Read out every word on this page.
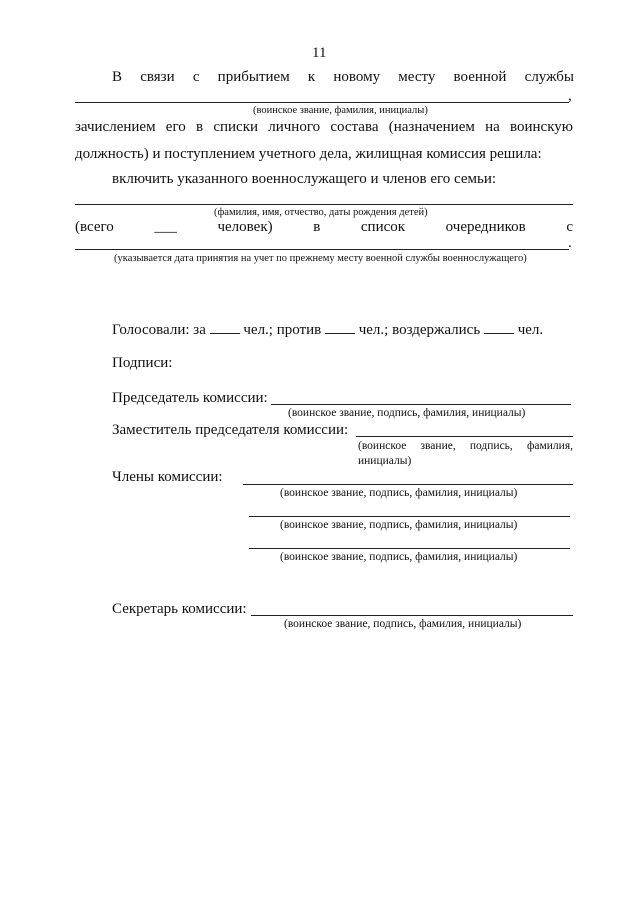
11
В связи с прибытием к новому месту военной службы
,
(воинское звание, фамилия, инициалы)
зачислением его в списки личного состава (назначением на воинскую
должность) и поступлением учетного дела, жилищная комиссия решила:
включить указанного военнослужащего и членов его семьи:
(фамилия, имя, отчество, даты рождения детей)
(всего ___ человек) в список очередников с
.
(указывается дата принятия на учет по прежнему месту военной службы военнослужащего)
Голосовали: за	чел.; против	чел.; воздержались	чел.
Подписи:
Председатель комиссии:
(воинское звание, подпись, фамилия, инициалы)
Заместитель председателя комиссии:
(воинское звание, подпись, фамилия,
инициалы)
Члены комиссии:
(воинское звание, подпись, фамилия, инициалы)
(воинское звание, подпись, фамилия, инициалы)
(воинское звание, подпись, фамилия, инициалы)
Секретарь комиссии:
(воинское звание, подпись, фамилия, инициалы)
